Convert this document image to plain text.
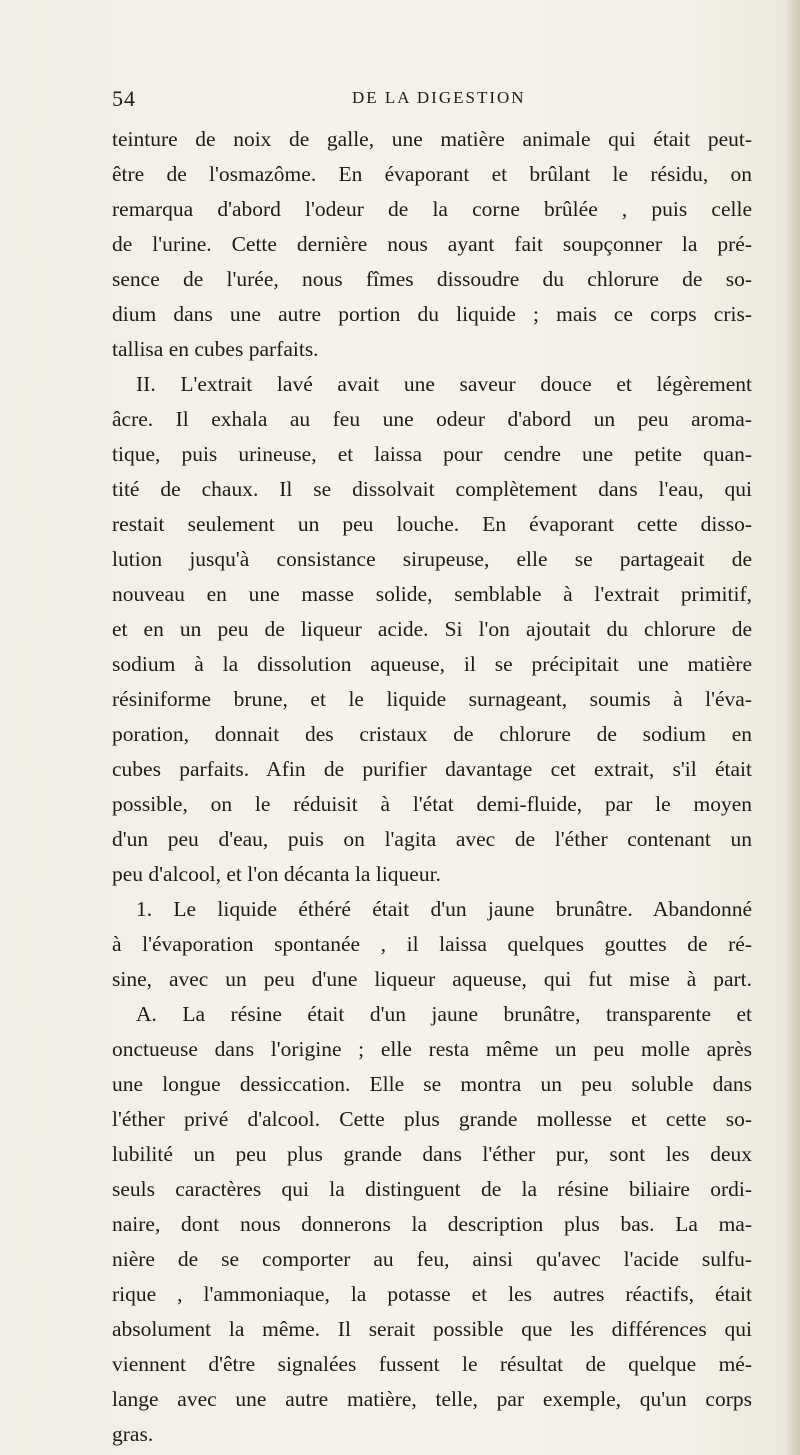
54	DE LA DIGESTION
teinture de noix de galle, une matière animale qui était peut-
être de l'osmazôme. En évaporant et brûlant le résidu, on
remarqua d'abord l'odeur de la corne brûlée , puis celle
de l'urine. Cette dernière nous ayant fait soupçonner la pré-
sence de l'urée, nous fîmes dissoudre du chlorure de so-
dium dans une autre portion du liquide ; mais ce corps cris-
tallisa en cubes parfaits.
II. L'extrait lavé avait une saveur douce et légèrement
âcre. Il exhala au feu une odeur d'abord un peu aroma-
tique, puis urineuse, et laissa pour cendre une petite quan-
tité de chaux. Il se dissolvait complètement dans l'eau, qui
restait seulement un peu louche. En évaporant cette disso-
lution jusqu'à consistance sirupeuse, elle se partageait de
nouveau en une masse solide, semblable à l'extrait primitif,
et en un peu de liqueur acide. Si l'on ajoutait du chlorure de
sodium à la dissolution aqueuse, il se précipitait une matière
résiniforme brune, et le liquide surnageant, soumis à l'éva-
poration, donnait des cristaux de chlorure de sodium en
cubes parfaits. Afin de purifier davantage cet extrait, s'il était
possible, on le réduisit à l'état demi-fluide, par le moyen
d'un peu d'eau, puis on l'agita avec de l'éther contenant un
peu d'alcool, et l'on décanta la liqueur.
1. Le liquide éthéré était d'un jaune brunâtre. Abandonné
à l'évaporation spontanée , il laissa quelques gouttes de ré-
sine, avec un peu d'une liqueur aqueuse, qui fut mise à part.
A. La résine était d'un jaune brunâtre, transparente et
onctueuse dans l'origine ; elle resta même un peu molle après
une longue dessiccation. Elle se montra un peu soluble dans
l'éther privé d'alcool. Cette plus grande mollesse et cette so-
lubilité un peu plus grande dans l'éther pur, sont les deux
seuls caractères qui la distinguent de la résine biliaire ordi-
naire, dont nous donnerons la description plus bas. La ma-
nière de se comporter au feu, ainsi qu'avec l'acide sulfu-
rique , l'ammoniaque, la potasse et les autres réactifs, était
absolument la même. Il serait possible que les différences qui
viennent d'être signalées fussent le résultat de quelque mé-
lange avec une autre matière, telle, par exemple, qu'un corps
gras.
